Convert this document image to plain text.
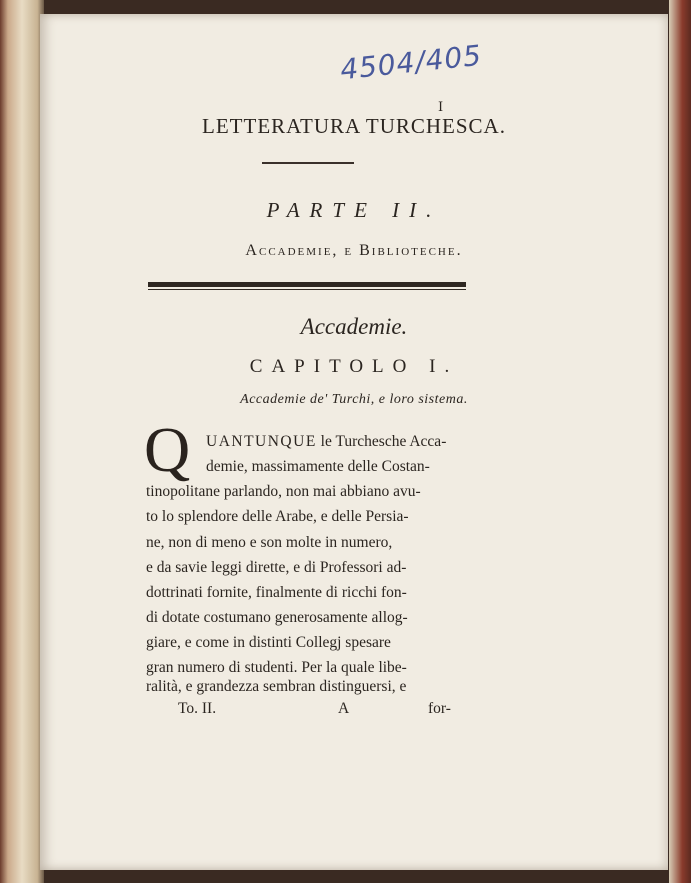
4504/405
I
LETTERATURA TURCHESCA.
PARTE II.
Accademie, e Biblioteche.
Accademie.
CAPITOLO I.
Accademie de' Turchi, e loro sistema.
Q UANTUNQUE le Turchesche Acca-
demie, massimamente delle Costan-
tinopolitane parlando, non mai abbiano avu-
to lo splendore delle Arabe, e delle Persia-
ne, non di meno e son molte in numero,
e da savie leggi dirette, e di Professori ad-
dottrinati fornite, finalmente di ricchi fon-
di dotate costumano generosamente allog-
giare, e come in distinti Collegj spesare
gran numero di studenti. Per la quale libe-
ralità, e grandezza sembran distinguersi, e
To. II.	A	for-
